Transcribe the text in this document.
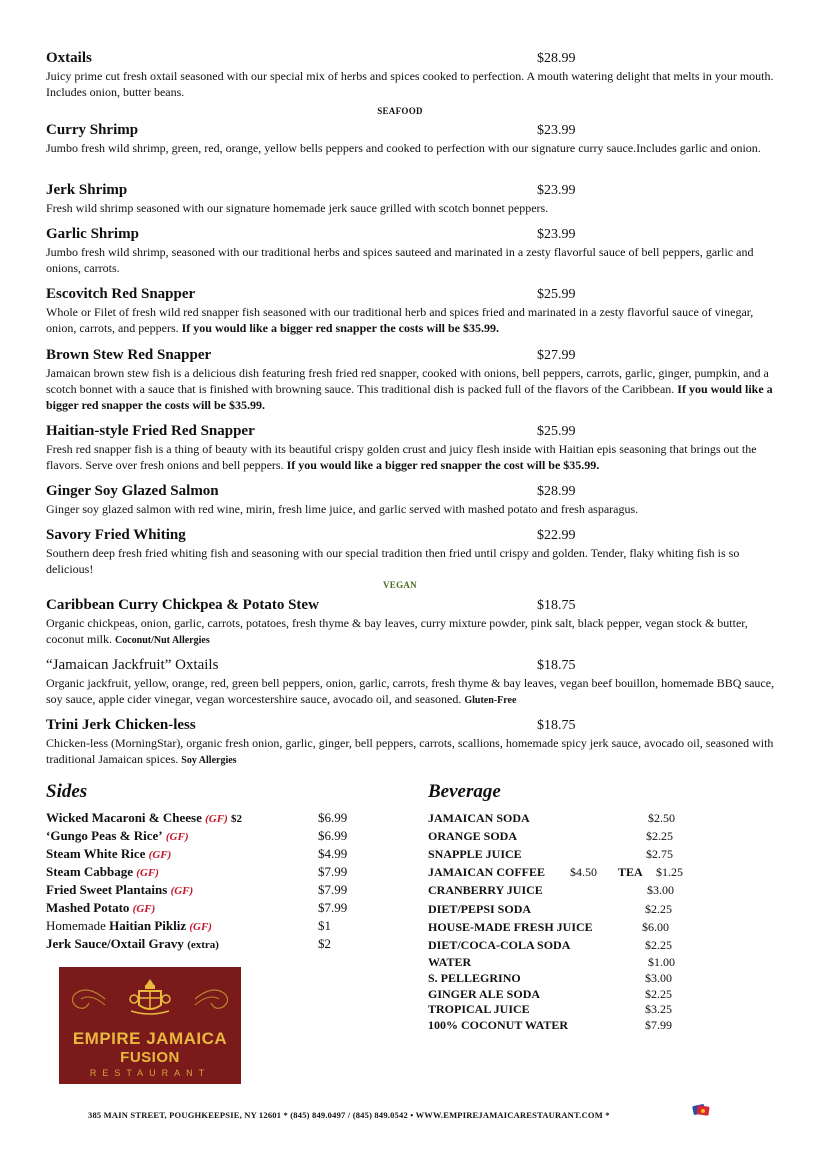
Oxtails	$28.99
Juicy prime cut fresh oxtail seasoned with our special mix of herbs and spices cooked to perfection. A mouth watering delight that melts in your mouth. Includes onion, butter beans.
SEAFOOD
Curry Shrimp	$23.99
Jumbo fresh wild shrimp, green, red, orange, yellow bells peppers and cooked to perfection with our signature curry sauce.Includes garlic and onion.
Jerk Shrimp	$23.99
Fresh wild shrimp seasoned with our signature homemade jerk sauce grilled with scotch bonnet peppers.
Garlic Shrimp	$23.99
Jumbo fresh wild shrimp, seasoned with our traditional herbs and spices sauteed and marinated in a zesty flavorful sauce of bell peppers, garlic and onions, carrots.
Escovitch Red Snapper	$25.99
Whole or Filet of fresh wild red snapper fish seasoned with our traditional herb and spices fried and marinated in a zesty flavorful sauce of vinegar, onion, carrots, and peppers. If you would like a bigger red snapper the costs will be $35.99.
Brown Stew Red Snapper	$27.99
Jamaican brown stew fish is a delicious dish featuring fresh fried red snapper, cooked with onions, bell peppers, carrots, garlic, ginger, pumpkin, and a scotch bonnet with a sauce that is finished with browning sauce. This traditional dish is packed full of the flavors of the Caribbean. If you would like a bigger red snapper the costs will be $35.99.
Haitian-style Fried Red Snapper	$25.99
Fresh red snapper fish is a thing of beauty with its beautiful crispy golden crust and juicy flesh inside with Haitian epis seasoning that brings out the flavors. Serve over fresh onions and bell peppers. If you would like a bigger red snapper the cost will be $35.99.
Ginger Soy Glazed Salmon	$28.99
Ginger soy glazed salmon with red wine, mirin, fresh lime juice, and garlic served with mashed potato and fresh asparagus.
Savory Fried Whiting	$22.99
Southern deep fresh fried whiting fish and seasoning with our special tradition then fried until crispy and golden. Tender, flaky whiting fish is so delicious!
VEGAN
Caribbean Curry Chickpea & Potato Stew	$18.75
Organic chickpeas, onion, garlic, carrots, potatoes, fresh thyme & bay leaves, curry mixture powder, pink salt, black pepper, vegan stock & butter, coconut milk. Coconut/Nut Allergies
“Jamaican Jackfruit” Oxtails	$18.75
Organic jackfruit, yellow, orange, red, green bell peppers, onion, garlic, carrots, fresh thyme & bay leaves, vegan beef bouillon, homemade BBQ sauce, soy sauce, apple cider vinegar, vegan worcestershire sauce, avocado oil, and seasoned. Gluten-Free
Trini Jerk Chicken-less	$18.75
Chicken-less (MorningStar), organic fresh onion, garlic, ginger, bell peppers, carrots, scallions, homemade spicy jerk sauce, avocado oil, seasoned with traditional Jamaican spices. Soy Allergies
Sides
Wicked Macaroni & Cheese (GF) $2	$6.99
‘Gungo Peas & Rice’ (GF)	$6.99
Steam White Rice (GF)	$4.99
Steam Cabbage (GF)	$7.99
Fried Sweet Plantains (GF)	$7.99
Mashed Potato (GF)	$7.99
Homemade Haitian Pikliz (GF)	$1
Jerk Sauce/Oxtail Gravy (extra)	$2
Beverage
JAMAICAN SODA	$2.50
ORANGE SODA	$2.25
SNAPPLE JUICE	$2.75
JAMAICAN COFFEE $4.50 TEA $1.25
CRANBERRY JUICE	$3.00
DIET/PEPSI SODA	$2.25
HOUSE-MADE FRESH JUICE	$6.00
DIET/COCA-COLA SODA	$2.25
WATER	$1.00
S. PELLEGRINO	$3.00
GINGER ALE SODA	$2.25
TROPICAL JUICE	$3.25
100% COCONUT WATER	$7.99
EMPIRE JAMAICA
FUSION
RESTAURANT
385 MAIN STREET, POUGHKEEPSIE, NY 12601 * (845) 849.0497 / (845) 849.0542 • WWW.EMPIREJAMAICARESTAURANT.COM *
